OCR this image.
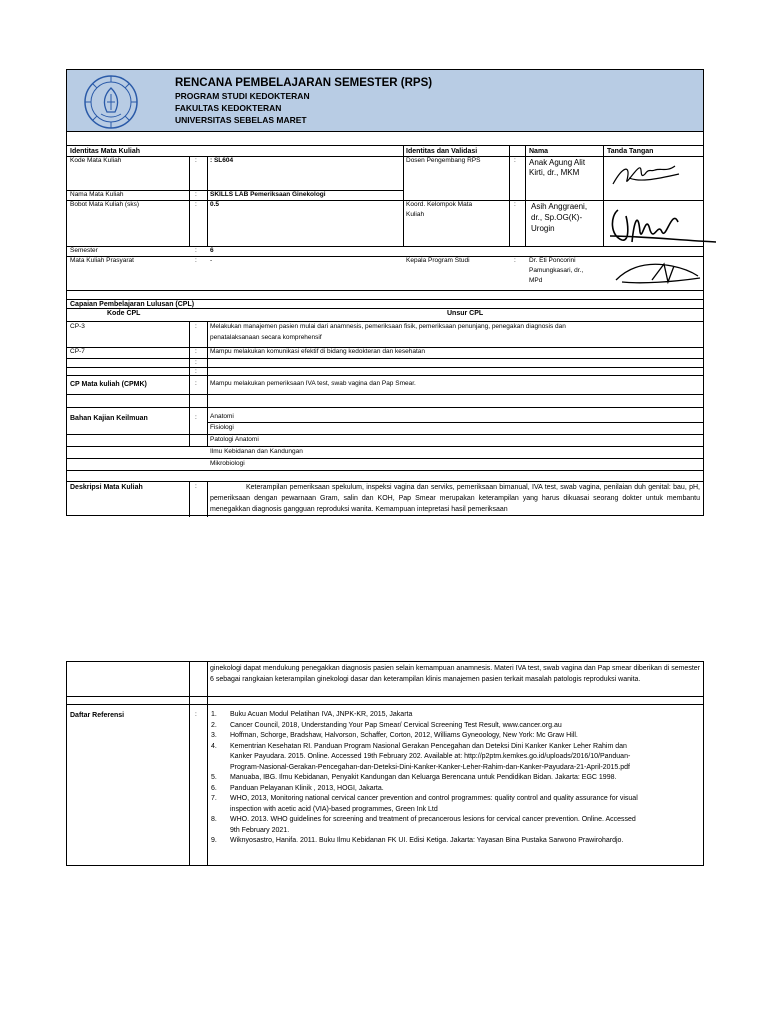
RENCANA PEMBELAJARAN SEMESTER (RPS)
PROGRAM STUDI KEDOKTERAN
FAKULTAS KEDOKTERAN
UNIVERSITAS SEBELAS MARET
Identitas Mata Kuliah	Identitas dan Validasi	Nama	Tanda Tangan
Kode Mata Kuliah	: : SL604
Nama Mata Kuliah	: SKILLS LAB Pemeriksaan Ginekologi
Bobot Mata Kuliah (sks)	: 0.5
Semester	: 6
Mata Kuliah Prasyarat	: -
Dosen Pengembang RPS	: Anak Agung Alit
Kirti, dr., MKM
Koord. Kelompok Mata
Kuliah
: Asih Anggraeni,
dr., Sp.OG(K)-
Urogin
Kepala Program Studi	: Dr. Eti Poncorini
Pamungkasari, dr.,
MPd
Capaian Pembelajaran Lulusan (CPL)
Kode CPL	Unsur CPL
CP-3	: Melakukan manajemen pasien mulai dari anamnesis, pemeriksaan fisik, pemeriksaan penunjang, penegakan diagnosis dan
penatalaksanaan secara komprehensif
CP-7	: Mampu melakukan komunikasi efektif di bidang kedokteran dan kesehatan
:
:
CP Mata kuliah (CPMK)	: Mampu melakukan pemeriksaan IVA test, swab vagina dan Pap Smear.
Bahan Kajian Keilmuan	: Anatomi
Fisiologi
Patologi Anatomi
Ilmu Kebidanan dan Kandungan
Mikrobiologi
Deskripsi Mata Kuliah	:	Keterampilan pemeriksaan spekulum, inspeksi vagina dan serviks, pemeriksaan bimanual, IVA test, swab vagina, penilaian duh genital: bau, pH, pemeriksaan dengan pewarnaan Gram, salin dan KOH, Pap Smear merupakan keterampilan yang harus dikuasai seorang dokter untuk membantu menegakkan diagnosis gangguan reproduksi wanita. Kemampuan intepretasi hasil pemeriksaan
ginekologi dapat mendukung penegakkan diagnosis pasien selain kemampuan anamnesis. Materi IVA test, swab vagina dan Pap smear diberikan di semester 6 sebagai rangkaian keterampilan ginekologi dasar dan keterampilan klinis manajemen pasien terkait masalah patologis reproduksi wanita.
Daftar Referensi	: 1. Buku Acuan Modul Pelatihan IVA, JNPK-KR, 2015, Jakarta
2. Cancer Council, 2018, Understanding Your Pap Smear/ Cervical Screening Test Result, www.cancer.org.au
3. Hoffman, Schorge, Bradshaw, Halvorson, Schaffer, Corton, 2012, Williams Gyneoology, New York: Mc Graw Hill.
4. Kementrian Kesehatan RI. Panduan Program Nasional Gerakan Pencegahan dan Deteksi Dini Kanker Kanker Leher Rahim dan
Kanker Payudara. 2015. Online. Accessed 19th February 202. Available at: http://p2ptm.kemkes.go.id/uploads/2016/10/Panduan-
Program-Nasional-Gerakan-Pencegahan-dan-Deteksi-Dini-Kanker-Kanker-Leher-Rahim-dan-Kanker-Payudara-21-April-2015.pdf
5. Manuaba, IBG. Ilmu Kebidanan, Penyakit Kandungan dan Keluarga Berencana untuk Pendidikan Bidan. Jakarta: EGC 1998.
6. Panduan Pelayanan Klinik , 2013, HOGI, Jakarta.
7. WHO, 2013, Monitoring national cervical cancer prevention and control programmes: quality control and quality assurance for visual
inspection with acetic acid (VIA)-based programmes, Green Ink Ltd
8. WHO. 2013. WHO guidelines for screening and treatment of precancerous lesions for cervical cancer prevention. Online. Accessed
9th February 2021.
9. Wiknyosastro, Hanifa. 2011. Buku Ilmu Kebidanan FK UI. Edisi Ketiga. Jakarta: Yayasan Bina Pustaka Sarwono Prawirohardjo.
